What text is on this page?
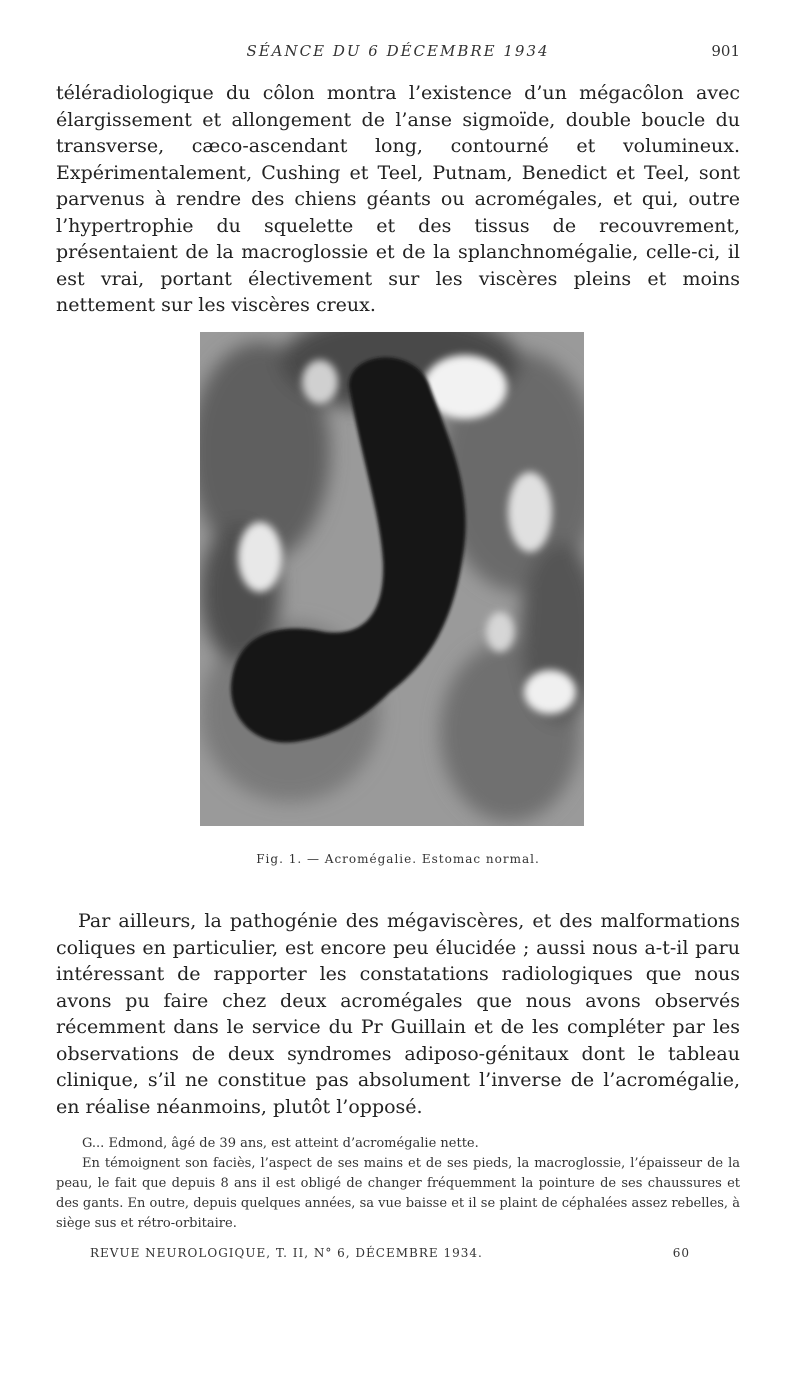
SÉANCE DU 6 DÉCEMBRE 1934	901

téléradiologique du côlon montra l’existence d’un mégacôlon avec élargissement et allongement de l’anse sigmoïde, double boucle du transverse, cæco-ascendant long, contourné et volumineux. Expérimentalement, Cushing et Teel, Putnam, Benedict et Teel, sont parvenus à rendre des chiens géants ou acromégales, et qui, outre l’hypertrophie du squelette et des tissus de recouvrement, présentaient de la macroglossie et de la splanchnomégalie, celle-ci, il est vrai, portant électivement sur les viscères pleins et moins nettement sur les viscères creux.

Fig. 1. — Acromégalie. Estomac normal.

Par ailleurs, la pathogénie des mégaviscères, et des malformations coliques en particulier, est encore peu élucidée ; aussi nous a-t-il paru intéressant de rapporter les constatations radiologiques que nous avons pu faire chez deux acromégales que nous avons observés récemment dans le service du Pr Guillain et de les compléter par les observations de deux syndromes adiposo-génitaux dont le tableau clinique, s’il ne constitue pas absolument l’inverse de l’acromégalie, en réalise néanmoins, plutôt l’opposé.

G... Edmond, âgé de 39 ans, est atteint d’acromégalie nette.

En témoignent son faciès, l’aspect de ses mains et de ses pieds, la macroglossie, l’épaisseur de la peau, le fait que depuis 8 ans il est obligé de changer fréquemment la pointure de ses chaussures et des gants. En outre, depuis quelques années, sa vue baisse et il se plaint de céphalées assez rebelles, à siège sus et rétro-orbitaire.

REVUE NEUROLOGIQUE, T. II, N° 6, DÉCEMBRE 1934.	60
